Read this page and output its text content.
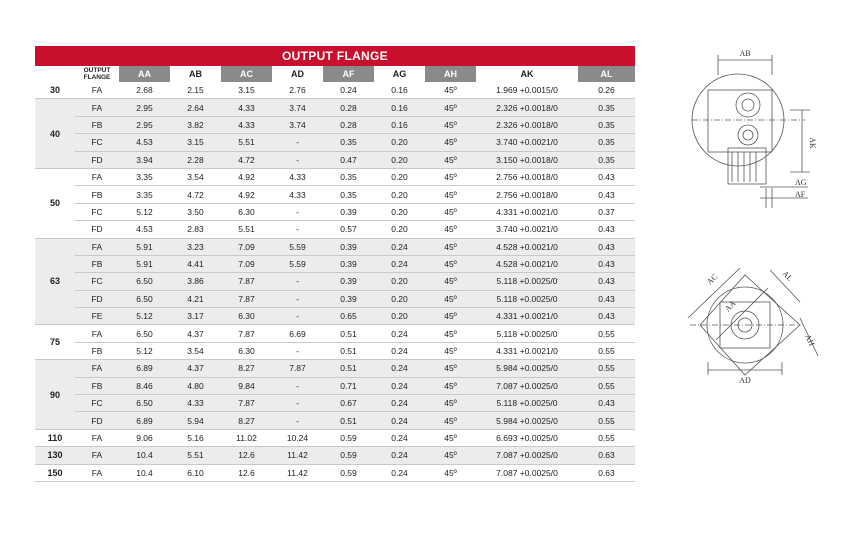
OUTPUT FLANGE
	OUTPUT
FLANGE	AA	AB	AC	AD	AF	AG	AH	AK	AL
30	FA	2.68	2.15	3.15	2.76	0.24	0.16	45º	1.969 +0.0015/0	0.26
40	FA	2.95	2.64	4.33	3.74	0.28	0.16	45º	2.326 +0.0018/0	0.35
	FB	2.95	3.82	4.33	3.74	0.28	0.16	45º	2.326 +0.0018/0	0.35
	FC	4.53	3.15	5.51	-	0.35	0.20	45º	3.740 +0.0021/0	0.35
	FD	3.94	2.28	4.72	-	0.47	0.20	45º	3.150 +0.0018/0	0.35
50	FA	3.35	3.54	4.92	4.33	0.35	0.20	45º	2.756 +0.0018/0	0.43
	FB	3.35	4.72	4.92	4.33	0.35	0.20	45º	2.756 +0.0018/0	0.43
	FC	5.12	3.50	6.30	-	0.39	0.20	45º	4.331 +0.0021/0	0.37
	FD	4.53	2.83	5.51	-	0.57	0.20	45º	3.740 +0.0021/0	0.43
63	FA	5.91	3.23	7.09	5.59	0.39	0.24	45º	4.528 +0.0021/0	0.43
	FB	5.91	4.41	7.09	5.59	0.39	0.24	45º	4.528 +0.0021/0	0.43
	FC	6.50	3.86	7.87	-	0.39	0.20	45º	5.118 +0.0025/0	0.43
	FD	6.50	4.21	7.87	-	0.39	0.20	45º	5.118 +0.0025/0	0.43
	FE	5.12	3.17	6.30	-	0.65	0.20	45º	4.331 +0.0021/0	0.43
75	FA	6.50	4.37	7.87	6.69	0.51	0.24	45º	5.118 +0.0025/0	0.55
	FB	5.12	3.54	6.30	-	0.51	0.24	45º	4.331 +0.0021/0	0.55
90	FA	6.89	4.37	8.27	7.87	0.51	0.24	45º	5.984 +0.0025/0	0.55
	FB	8.46	4.80	9.84	-	0.71	0.24	45º	7.087 +0.0025/0	0.55
	FC	6.50	4.33	7.87	-	0.67	0.24	45º	5.118 +0.0025/0	0.43
	FD	6.89	5.94	8.27	-	0.51	0.24	45º	5.984 +0.0025/0	0.55
110	FA	9.06	5.16	11.02	10.24	0.59	0.24	45º	6.693 +0.0025/0	0.55
130	FA	10.4	5.51	12.6	11.42	0.59	0.24	45º	7.087 +0.0025/0	0.63
150	FA	10.4	6.10	12.6	11.42	0.59	0.24	45º	7.087 +0.0025/0	0.63
AB
AK
AG
AF
AC	AL
AA
AH
AD
